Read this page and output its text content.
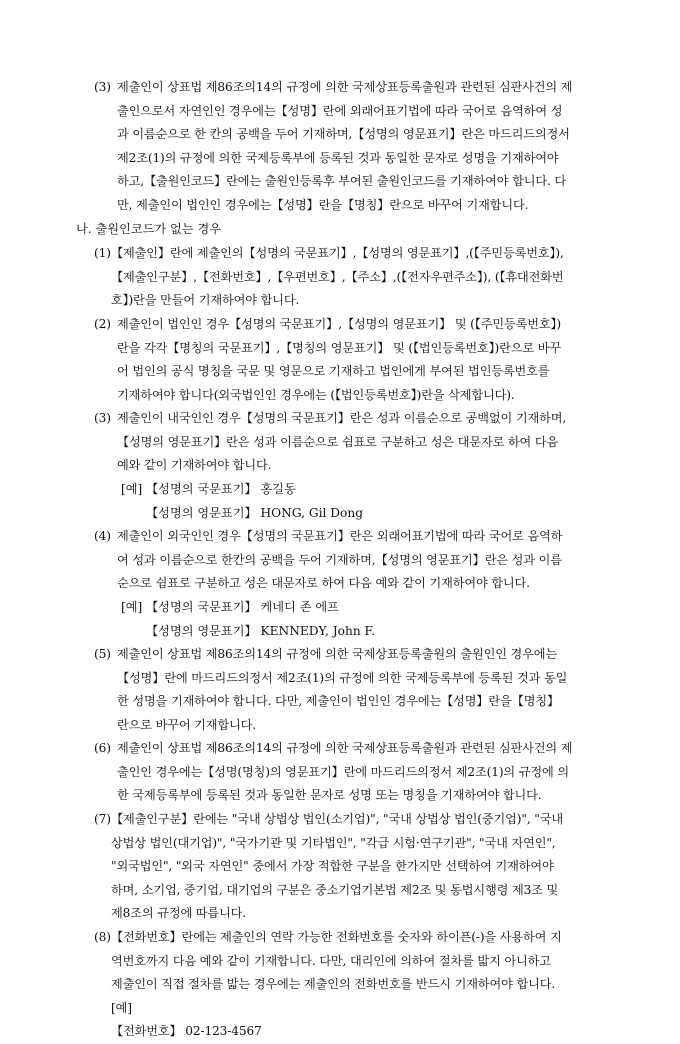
(3) 제출인이 상표법 제86조의14의 규정에 의한 국제상표등록출원과 관련된 심판사건의 제
출인으로서 자연인인 경우에는【성명】란에 외래어표기법에 따라 국어로 음역하여 성
과 이름순으로 한 칸의 공백을 두어 기재하며,【성명의 영문표기】란은 마드리드의정서
제2조(1)의 규정에 의한 국제등록부에 등록된 것과 동일한 문자로 성명을 기재하여야
하고,【출원인코드】란에는 출원인등록후 부여된 출원인코드를 기재하여야 합니다. 다
만, 제출인이 법인인 경우에는【성명】란을【명칭】란으로 바꾸어 기재합니다.
나. 출원인코드가 없는 경우
(1) 【제출인】란에 제출인의【성명의 국문표기】,【성명의 영문표기】,(【주민등록번호】),
【제출인구분】,【전화번호】,【우편번호】,【주소】,(【전자우편주소】), (【휴대전화번
호】)란을 만들어 기재하여야 합니다.
(2) 제출인이 법인인 경우【성명의 국문표기】,【성명의 영문표기】 및 (【주민등록번호】)
란을 각각【명칭의 국문표기】,【명칭의 영문표기】 및 (【법인등록번호】)란으로 바꾸
어 법인의 공식 명칭을 국문 및 영문으로 기재하고 법인에게 부여된 법인등록번호를
기재하여야 합니다(외국법인인 경우에는 (【법인등록번호】)란을 삭제합니다).
(3) 제출인이 내국인인 경우【성명의 국문표기】란은 성과 이름순으로 공백없이 기재하며,
【성명의 영문표기】란은 성과 이름순으로 쉼표로 구분하고 성은 대문자로 하여 다음
예와 같이 기재하여야 합니다.
[예] 【성명의 국문표기】 홍길동
【성명의 영문표기】 HONG, Gil Dong
(4) 제출인이 외국인인 경우【성명의 국문표기】란은 외래어표기법에 따라 국어로 음역하
여 성과 이름순으로 한칸의 공백을 두어 기재하며,【성명의 영문표기】란은 성과 이름
순으로 쉼표로 구분하고 성은 대문자로 하여 다음 예와 같이 기재하여야 합니다.
[예] 【성명의 국문표기】 케네디 존 에프
【성명의 영문표기】 KENNEDY, John F.
(5) 제출인이 상표법 제86조의14의 규정에 의한 국제상표등록출원의 출원인인 경우에는
【성명】란에 마드리드의정서 제2조(1)의 규정에 의한 국제등록부에 등록된 것과 동일
한 성명을 기재하여야 합니다. 다만, 제출인이 법인인 경우에는【성명】란을【명칭】
란으로 바꾸어 기재합니다.
(6) 제출인이 상표법 제86조의14의 규정에 의한 국제상표등록출원과 관련된 심판사건의 제
출인인 경우에는【성명(명칭)의 영문표기】란에 마드리드의정서 제2조(1)의 규정에 의
한 국제등록부에 등록된 것과 동일한 문자로 성명 또는 명칭을 기재하여야 합니다.
(7) 【제출인구분】란에는 "국내 상법상 법인(소기업)", "국내 상법상 법인(중기업)", "국내
상법상 법인(대기업)", "국가기관 및 기타법인", "각급 시험·연구기관", "국내 자연인",
"외국법인", "외국 자연인" 중에서 가장 적합한 구분을 한가지만 선택하여 기재하여야
하며, 소기업, 중기업, 대기업의 구분은 중소기업기본법 제2조 및 동법시행령 제3조 및
제8조의 규정에 따릅니다.
(8) 【전화번호】란에는 제출인의 연락 가능한 전화번호를 숫자와 하이픈(-)을 사용하여 지
역번호까지 다음 예와 같이 기재합니다. 다만, 대리인에 의하여 절차를 밟지 아니하고
제출인이 직접 절차를 밟는 경우에는 제출인의 전화번호를 반드시 기재하여야 합니다.
[예]
【전화번호】 02-123-4567
